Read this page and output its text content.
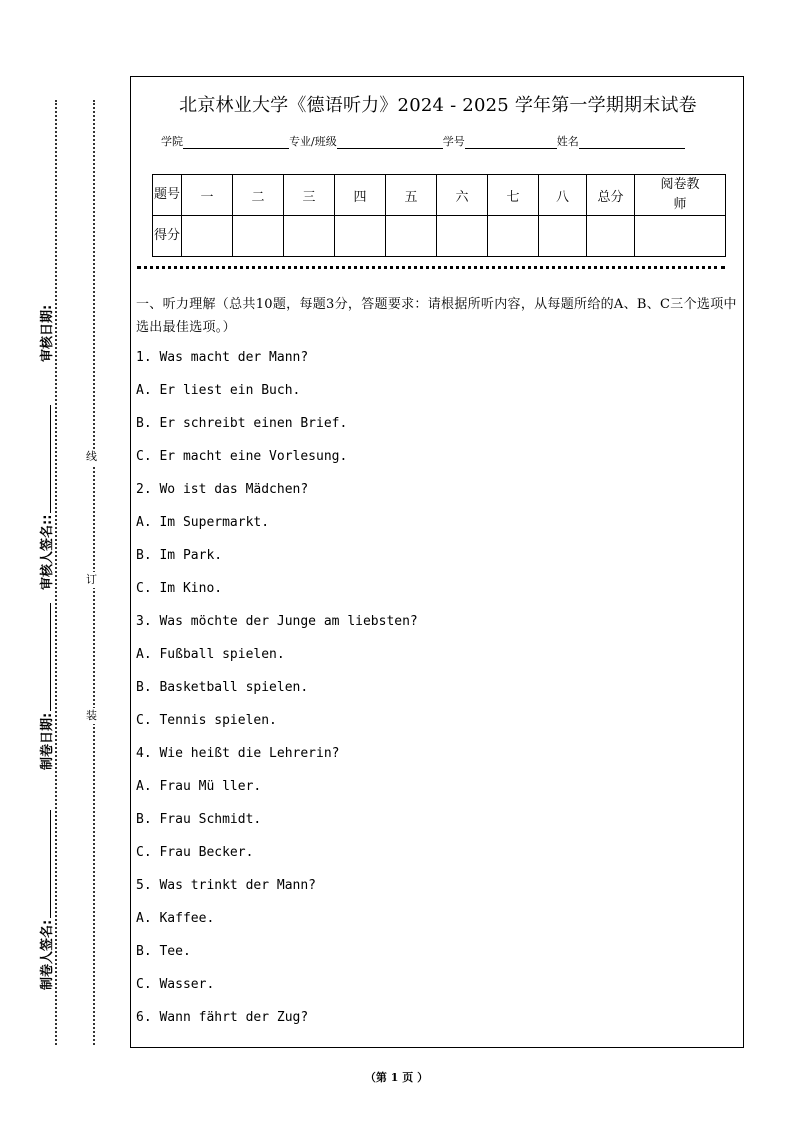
审核日期:
审核人签名::
制卷日期:
制卷人签名:
线
订
装
北京林业大学《德语听力》2024 - 2025 学年第一学期期末试卷
学院	专业/班级	学号	姓名
题号	一	二	三	四	五	六	七	八	总分	阅卷教师

得分										

一、听力理解（总共10题，每题3分，答题要求：请根据所听内容，从每题所给的A、B、C三个选项中选出最佳选项。）

1. Was macht der Mann?
A. Er liest ein Buch.
B. Er schreibt einen Brief.
C. Er macht eine Vorlesung.
2. Wo ist das Mädchen?
A. Im Supermarkt.
B. Im Park.
C. Im Kino.
3. Was möchte der Junge am liebsten?
A. Fußball spielen.
B. Basketball spielen.
C. Tennis spielen.
4. Wie heißt die Lehrerin?
A. Frau Mü ller.
B. Frau Schmidt.
C. Frau Becker.
5. Was trinkt der Mann?
A. Kaffee.
B. Tee.
C. Wasser.
6. Wann fährt der Zug?
（第 1 页 ）
